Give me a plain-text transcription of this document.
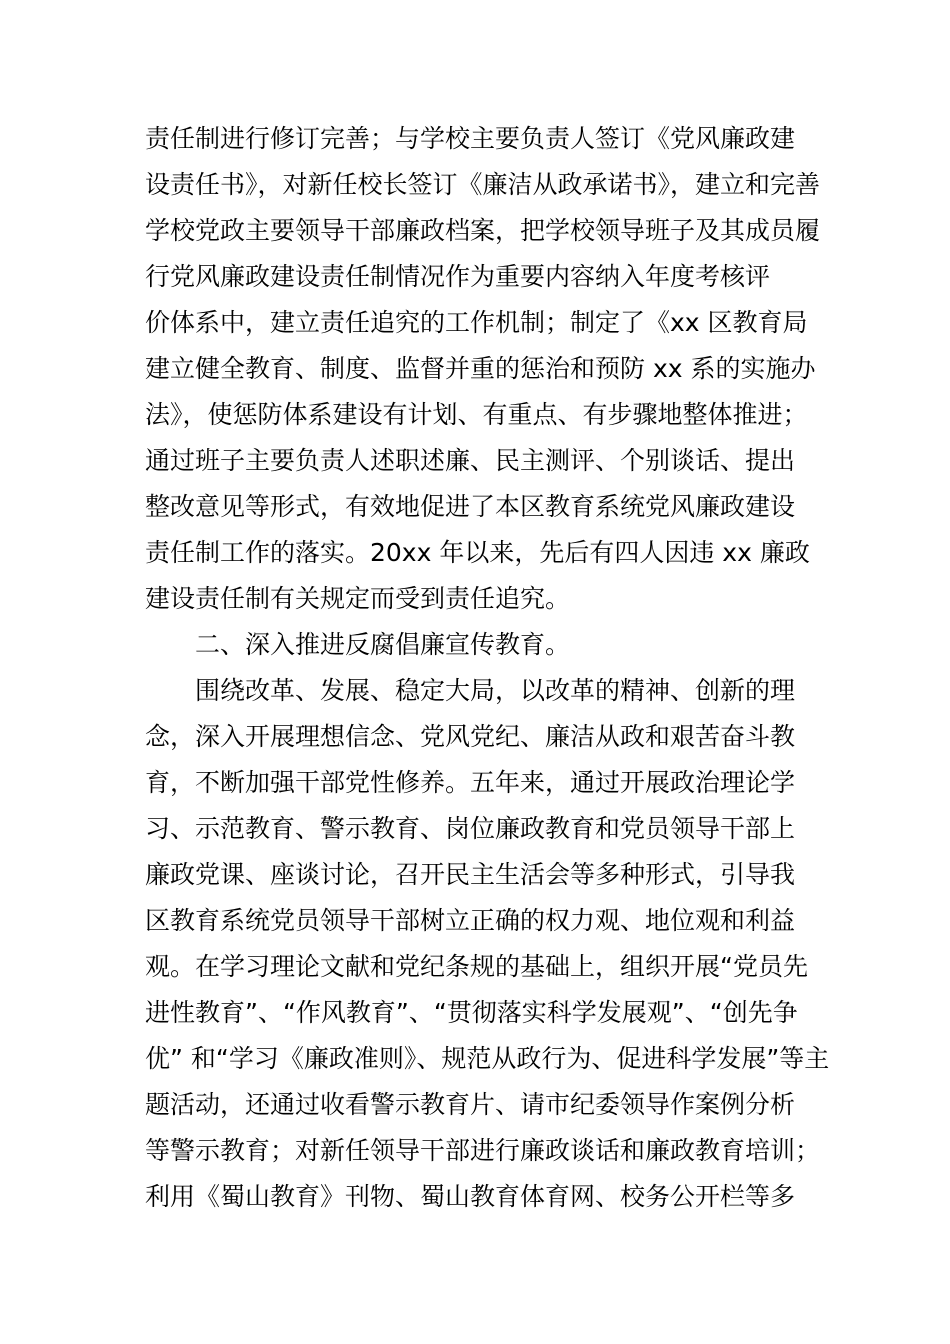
责任制进行修订完善；与学校主要负责人签订《党风廉政建
设责任书》，对新任校长签订《廉洁从政承诺书》，建立和完善
学校党政主要领导干部廉政档案，把学校领导班子及其成员履
行党风廉政建设责任制情况作为重要内容纳入年度考核评
价体系中，建立责任追究的工作机制；制定了《xx 区教育局
建立健全教育、制度、监督并重的惩治和预防 xx 系的实施办
法》，使惩防体系建设有计划、有重点、有步骤地整体推进；
通过班子主要负责人述职述廉、民主测评、个别谈话、提出
整改意见等形式，有效地促进了本区教育系统党风廉政建设
责任制工作的落实。20xx 年以来，先后有四人因违 xx 廉政
建设责任制有关规定而受到责任追究。
二、深入推进反腐倡廉宣传教育。
围绕改革、发展、稳定大局，以改革的精神、创新的理
念，深入开展理想信念、党风党纪、廉洁从政和艰苦奋斗教
育，不断加强干部党性修养。五年来，通过开展政治理论学
习、示范教育、警示教育、岗位廉政教育和党员领导干部上
廉政党课、座谈讨论，召开民主生活会等多种形式，引导我
区教育系统党员领导干部树立正确的权力观、地位观和利益
观。在学习理论文献和党纪条规的基础上，组织开展“党员先
进性教育”、“作风教育”、“贯彻落实科学发展观”、“创先争
优” 和“学习《廉政准则》、规范从政行为、促进科学发展”等主
题活动，还通过收看警示教育片、请市纪委领导作案例分析
等警示教育；对新任领导干部进行廉政谈话和廉政教育培训；
利用《蜀山教育》刊物、蜀山教育体育网、校务公开栏等多
